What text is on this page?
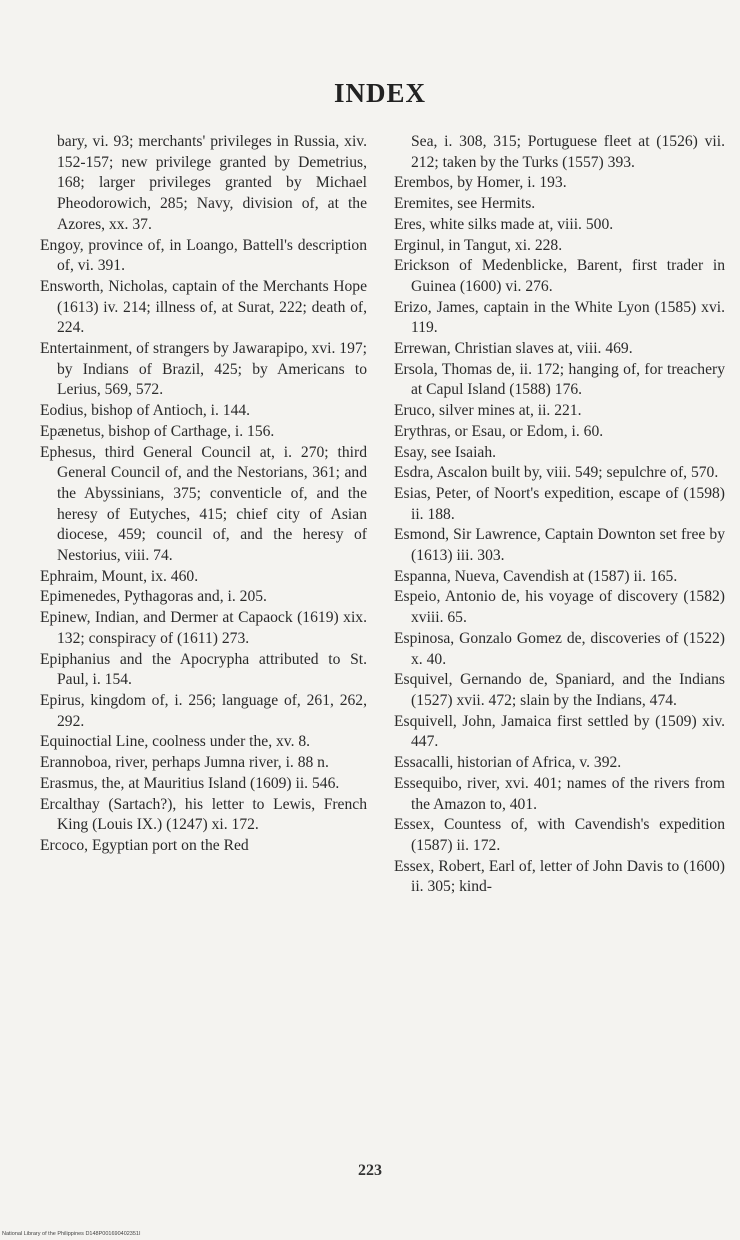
INDEX

bary, vi. 93; merchants' privileges in Russia, xiv. 152-157; new privilege granted by Demetrius, 168; larger privileges granted by Michael Pheodorowich, 285; Navy, division of, at the Azores, xx. 37.

Engoy, province of, in Loango, Battell's description of, vi. 391.

Ensworth, Nicholas, captain of the Merchants Hope (1613) iv. 214; illness of, at Surat, 222; death of, 224.

Entertainment, of strangers by Jawarapipo, xvi. 197; by Indians of Brazil, 425; by Americans to Lerius, 569, 572.

Eodius, bishop of Antioch, i. 144.

Epænetus, bishop of Carthage, i. 156.

Ephesus, third General Council at, i. 270; third General Council of, and the Nestorians, 361; and the Abyssinians, 375; conventicle of, and the heresy of Eutyches, 415; chief city of Asian diocese, 459; council of, and the heresy of Nestorius, viii. 74.

Ephraim, Mount, ix. 460.

Epimenedes, Pythagoras and, i. 205.

Epinew, Indian, and Dermer at Capaock (1619) xix. 132; conspiracy of (1611) 273.

Epiphanius and the Apocrypha attributed to St. Paul, i. 154.

Epirus, kingdom of, i. 256; language of, 261, 262, 292.

Equinoctial Line, coolness under the, xv. 8.

Erannoboa, river, perhaps Jumna river, i. 88 n.

Erasmus, the, at Mauritius Island (1609) ii. 546.

Ercalthay (Sartach?), his letter to Lewis, French King (Louis IX.) (1247) xi. 172.

Ercoco, Egyptian port on the Red

Sea, i. 308, 315; Portuguese fleet at (1526) vii. 212; taken by the Turks (1557) 393.

Erembos, by Homer, i. 193.

Eremites, see Hermits.

Eres, white silks made at, viii. 500.

Erginul, in Tangut, xi. 228.

Erickson of Medenblicke, Barent, first trader in Guinea (1600) vi. 276.

Erizo, James, captain in the White Lyon (1585) xvi. 119.

Errewan, Christian slaves at, viii. 469.

Ersola, Thomas de, ii. 172; hanging of, for treachery at Capul Island (1588) 176.

Eruco, silver mines at, ii. 221.

Erythras, or Esau, or Edom, i. 60.

Esay, see Isaiah.

Esdra, Ascalon built by, viii. 549; sepulchre of, 570.

Esias, Peter, of Noort's expedition, escape of (1598) ii. 188.

Esmond, Sir Lawrence, Captain Downton set free by (1613) iii. 303.

Espanna, Nueva, Cavendish at (1587) ii. 165.

Espeio, Antonio de, his voyage of discovery (1582) xviii. 65.

Espinosa, Gonzalo Gomez de, discoveries of (1522) x. 40.

Esquivel, Gernando de, Spaniard, and the Indians (1527) xvii. 472; slain by the Indians, 474.

Esquivell, John, Jamaica first settled by (1509) xiv. 447.

Essacalli, historian of Africa, v. 392.

Essequibo, river, xvi. 401; names of the rivers from the Amazon to, 401.

Essex, Countess of, with Cavendish's expedition (1587) ii. 172.

Essex, Robert, Earl of, letter of John Davis to (1600) ii. 305; kind-

223
National Library of the Philippines D148P001690402351I
